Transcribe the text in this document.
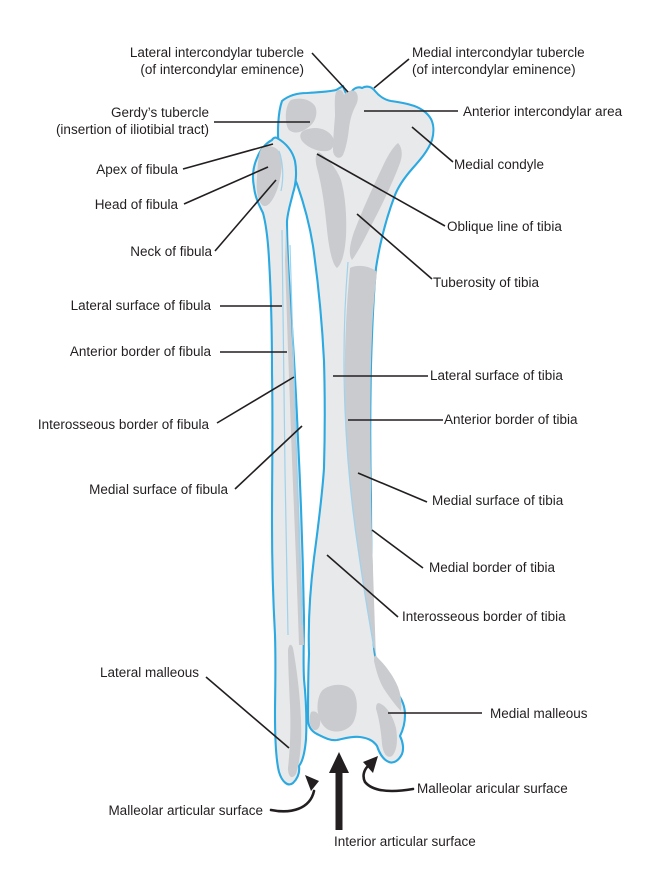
Lateral intercondylar tubercle
(of intercondylar eminence)
Medial intercondylar tubercle
(of intercondylar eminence)
Gerdy’s tubercle
(insertion of iliotibial tract)
Anterior intercondylar area
Medial condyle
Apex of fibula
Head of fibula
Neck of fibula
Oblique line of tibia
Tuberosity of tibia
Lateral surface of fibula
Anterior border of fibula
Interosseous border of fibula
Medial surface of fibula
Lateral surface of tibia
Anterior border of tibia
Medial surface of tibia
Medial border of tibia
Interosseous border of tibia
Lateral malleous
Medial malleous
Malleolar articular surface
Malleolar aricular surface
Interior articular surface
